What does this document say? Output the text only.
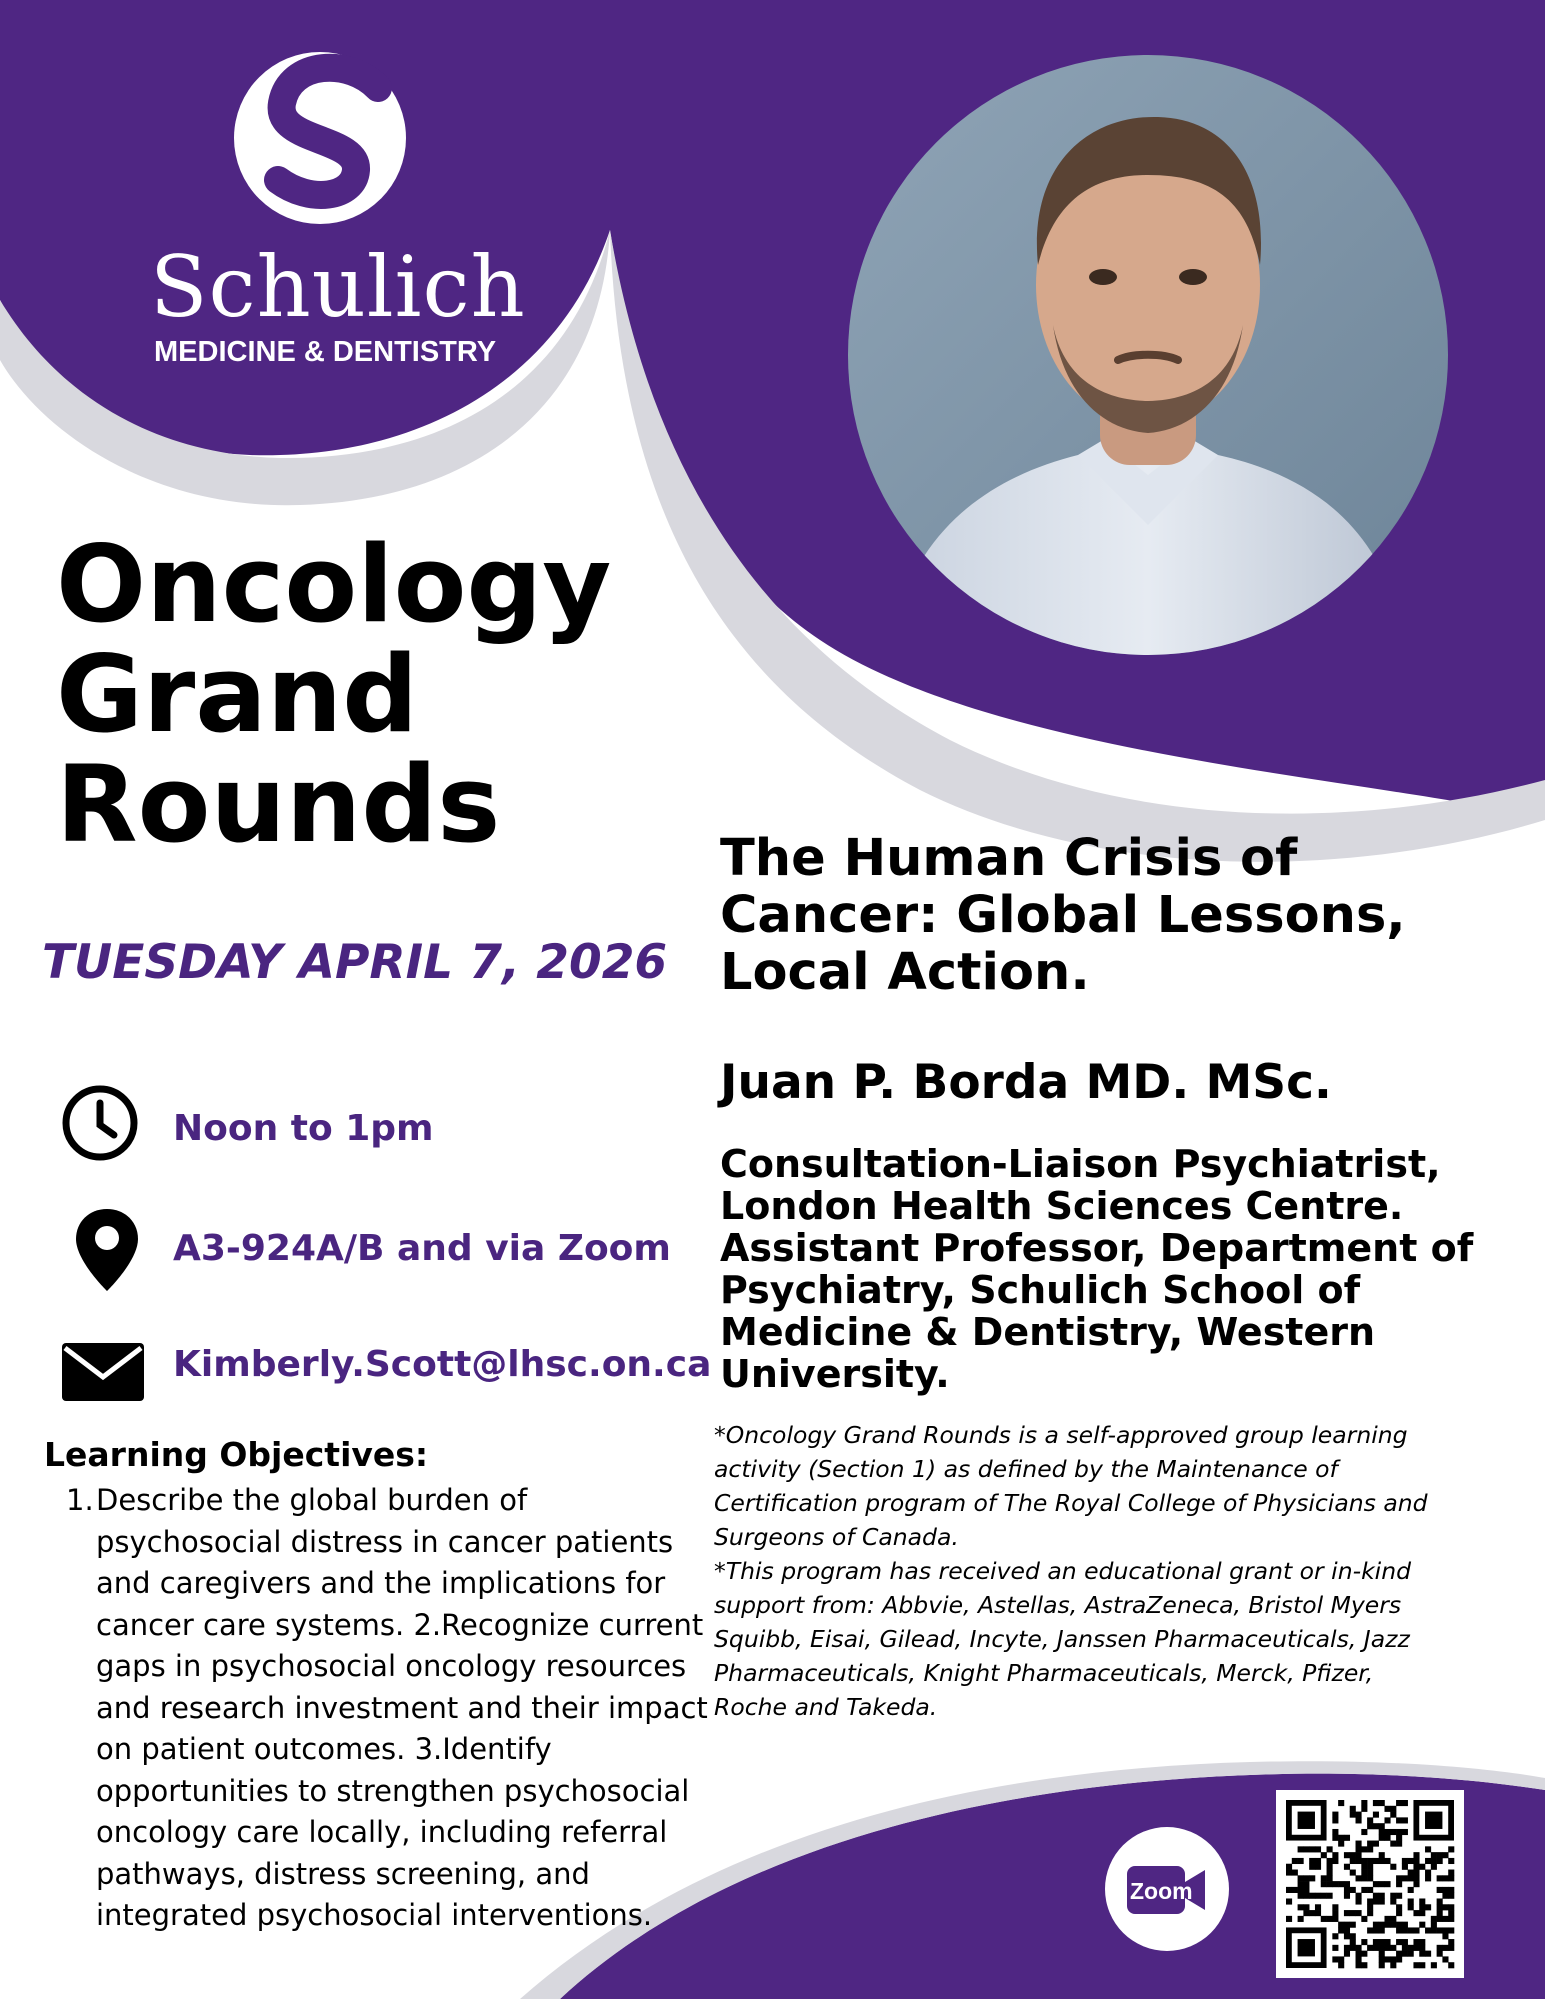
Schulich
MEDICINE & DENTISTRY
Oncology
Grand
Rounds
TUESDAY APRIL 7, 2026
Noon to 1pm
A3-924A/B and via Zoom
Kimberly.Scott@lhsc.on.ca
The Human Crisis of
Cancer: Global Lessons,
Local Action.
Juan P. Borda MD. MSc.
Consultation-Liaison Psychiatrist,
London Health Sciences Centre.
Assistant Professor, Department of
Psychiatry, Schulich School of
Medicine & Dentistry, Western
University.
Learning Objectives:
1. Describe the global burden of psychosocial distress in cancer patients and caregivers and the implications for cancer care systems. 2.Recognize current gaps in psychosocial oncology resources and research investment and their impact on patient outcomes. 3.Identify opportunities to strengthen psychosocial oncology care locally, including referral pathways, distress screening, and integrated psychosocial interventions.
*Oncology Grand Rounds is a self-approved group learning activity (Section 1) as defined by the Maintenance of Certification program of The Royal College of Physicians and Surgeons of Canada.
*This program has received an educational grant or in-kind support from: Abbvie, Astellas, AstraZeneca, Bristol Myers Squibb, Eisai, Gilead, Incyte, Janssen Pharmaceuticals, Jazz Pharmaceuticals, Knight Pharmaceuticals, Merck, Pfizer, Roche and Takeda.
Zoom
